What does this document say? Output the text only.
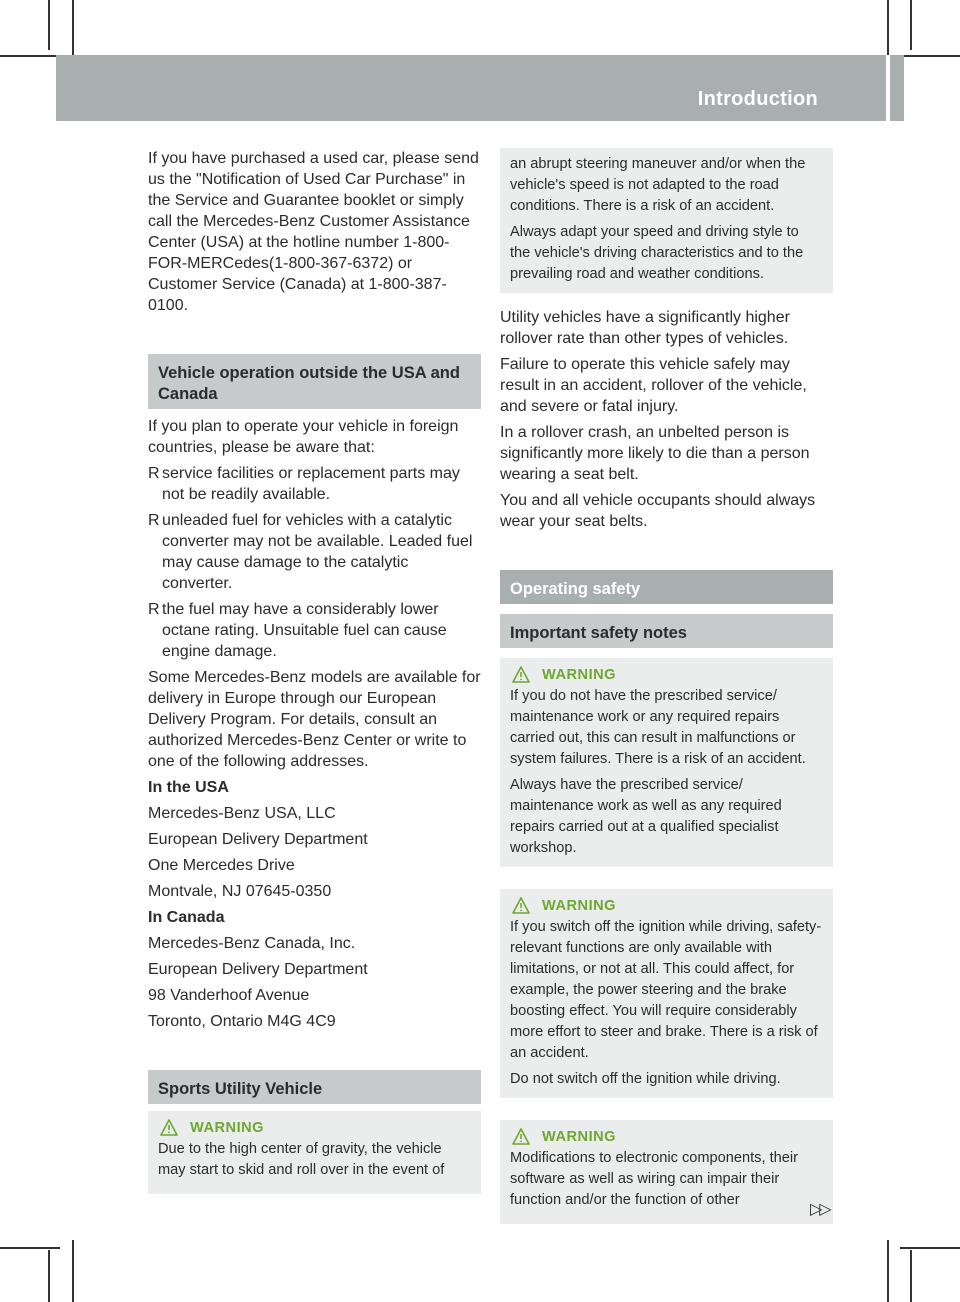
Introduction	25

If you have purchased a used car, please send us the "Notification of Used Car Purchase" in the Service and Guarantee booklet or simply call the Mercedes-Benz Customer Assistance Center (USA) at the hotline number 1-800-FOR-MERCedes(1-800-367-6372) or Customer Service (Canada) at 1-800-387-0100.

Vehicle operation outside the USA and Canada

If you plan to operate your vehicle in foreign countries, please be aware that:

R service facilities or replacement parts may not be readily available.
R unleaded fuel for vehicles with a catalytic converter may not be available. Leaded fuel may cause damage to the catalytic converter.
R the fuel may have a considerably lower octane rating. Unsuitable fuel can cause engine damage.

Some Mercedes-Benz models are available for delivery in Europe through our European Delivery Program. For details, consult an authorized Mercedes-Benz Center or write to one of the following addresses.

In the USA

Mercedes-Benz USA, LLC

European Delivery Department

One Mercedes Drive

Montvale, NJ 07645-0350

In Canada

Mercedes-Benz Canada, Inc.

European Delivery Department

98 Vanderhoof Avenue

Toronto, Ontario M4G 4C9

Sports Utility Vehicle
WARNING

Due to the high center of gravity, the vehicle may start to skid and roll over in the event of

an abrupt steering maneuver and/or when the vehicle's speed is not adapted to the road conditions. There is a risk of an accident.

Always adapt your speed and driving style to the vehicle's driving characteristics and to the prevailing road and weather conditions.

Utility vehicles have a significantly higher rollover rate than other types of vehicles.

Failure to operate this vehicle safely may result in an accident, rollover of the vehicle, and severe or fatal injury.

In a rollover crash, an unbelted person is significantly more likely to die than a person wearing a seat belt.

You and all vehicle occupants should always wear your seat belts.

Operating safety
Important safety notes
WARNING

If you do not have the prescribed service/ maintenance work or any required repairs carried out, this can result in malfunctions or system failures. There is a risk of an accident.

Always have the prescribed service/ maintenance work as well as any required repairs carried out at a qualified specialist workshop.

WARNING

If you switch off the ignition while driving, safety-relevant functions are only available with limitations, or not at all. This could affect, for example, the power steering and the brake boosting effect. You will require considerably more effort to steer and brake. There is a risk of an accident.

Do not switch off the ignition while driving.

WARNING

Modifications to electronic components, their software as well as wiring can impair their function and/or the function of other

▷▷
